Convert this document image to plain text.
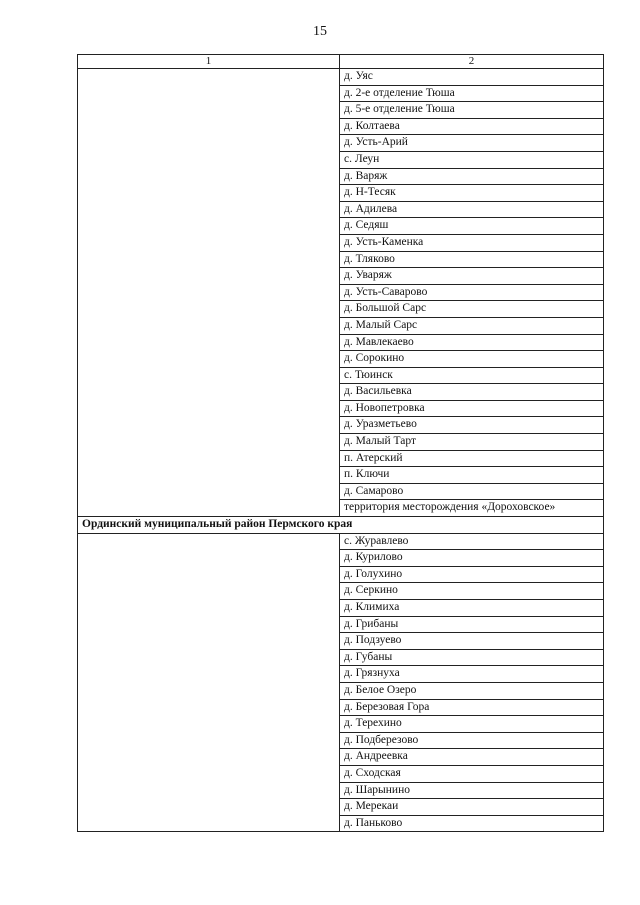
15
1	2
	д. Уяс
	д. 2-е отделение Тюша
	д. 5-е отделение Тюша
	д. Колтаева
	д. Усть-Арий
	с. Леун
	д. Варяж
	д. Н-Тесяк
	д. Адилева
	д. Седяш
	д. Усть-Каменка
	д. Тляково
	д. Уваряж
	д. Усть-Саварово
	д. Большой Сарс
	д. Малый Сарс
	д. Мавлекаево
	д. Сорокино
	с. Тюинск
	д. Васильевка
	д. Новопетровка
	д. Уразметьево
	д. Малый Тарт
	п. Атерский
	п. Ключи
	д. Самарово
	территория месторождения «Дороховское»
Ординский муниципальный район Пермского края	
	с. Журавлево
	д. Курилово
	д. Голухино
	д. Серкино
	д. Климиха
	д. Грибаны
	д. Подзуево
	д. Губаны
	д. Грязнуха
	д. Белое Озеро
	д. Березовая Гора
	д. Терехино
	д. Подберезово
	д. Андреевка
	д. Сходская
	д. Шарынино
	д. Мерекаи
	д. Паньково
